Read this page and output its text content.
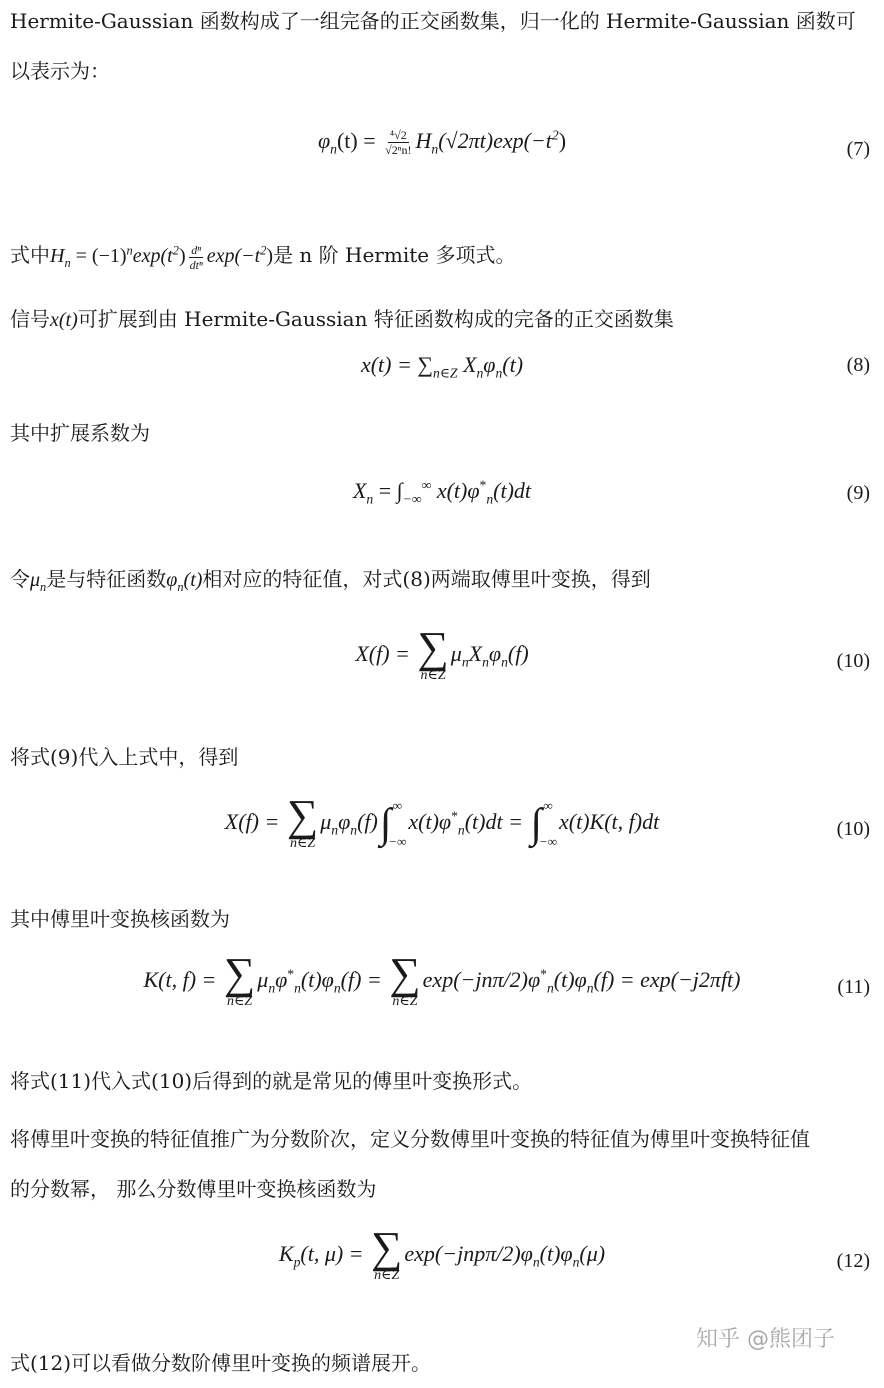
Hermite-Gaussian 函数构成了一组完备的正交函数集，归一化的 Hermite-Gaussian 函数可
以表示为：

$\varphi_n(t) = \frac{\text{⁴√2}}{\text{√2ⁿn!}} H_n(√2\pi t)\exp(-t^2)$	(7)

式中$H_n = (-1)^n\exp(t^2) \frac{\text{dⁿ}}{\text{dtⁿ}} \exp(-t^2)$是 n 阶 Hermite 多项式。

信号x(t)可扩展到由 Hermite-Gaussian 特征函数构成的完备的正交函数集

$x(t) = \sum_{n\in Z}$ $X_n\varphi_n(t)$	(8)

其中扩展系数为

$X_n = \int_{-\infty}^\infty$ $x(t)\varphi^*_n(t)dt$	(9)

令$\mu_n$是与特征函数$\varphi_n(t)$相对应的特征值，对式(8)两端取傅里叶变换，得到

X(f) = ∑
n∈Z
$\mu_nX_n\varphi_n(f)$	(10)

将式(9)代入上式中，得到

X(f) = ∑
n∈Z
$\mu_n\varphi_n(f)$ ∫ ∞
−∞
$x(t)\varphi^*_n(t)dt$ = ∫ ∞
−∞
x(t)K(t, f)dt	(10)

其中傅里叶变换核函数为

K(t, f) = ∑
n∈Z
$\mu_n\varphi^*_n(t)\varphi_n(f)$ = ∑
n∈Z
$\exp(-jn\pi/2)\varphi^*_n(t)\varphi_n(f) = \exp(-j2\pi ft)$	(11)

将式(11)代入式(10)后得到的就是常见的傅里叶变换形式。

将傅里叶变换的特征值推广为分数阶次，定义分数傅里叶变换的特征值为傅里叶变换特征值
的分数幂， 那么分数傅里叶变换核函数为

$K_p(t$, μ) = ∑
n∈Z
$\exp(-jnp\pi/2)\varphi_n(t)\varphi_n(\mu)$	(12)
知乎 @熊团子

式(12)可以看做分数阶傅里叶变换的频谱展开。
